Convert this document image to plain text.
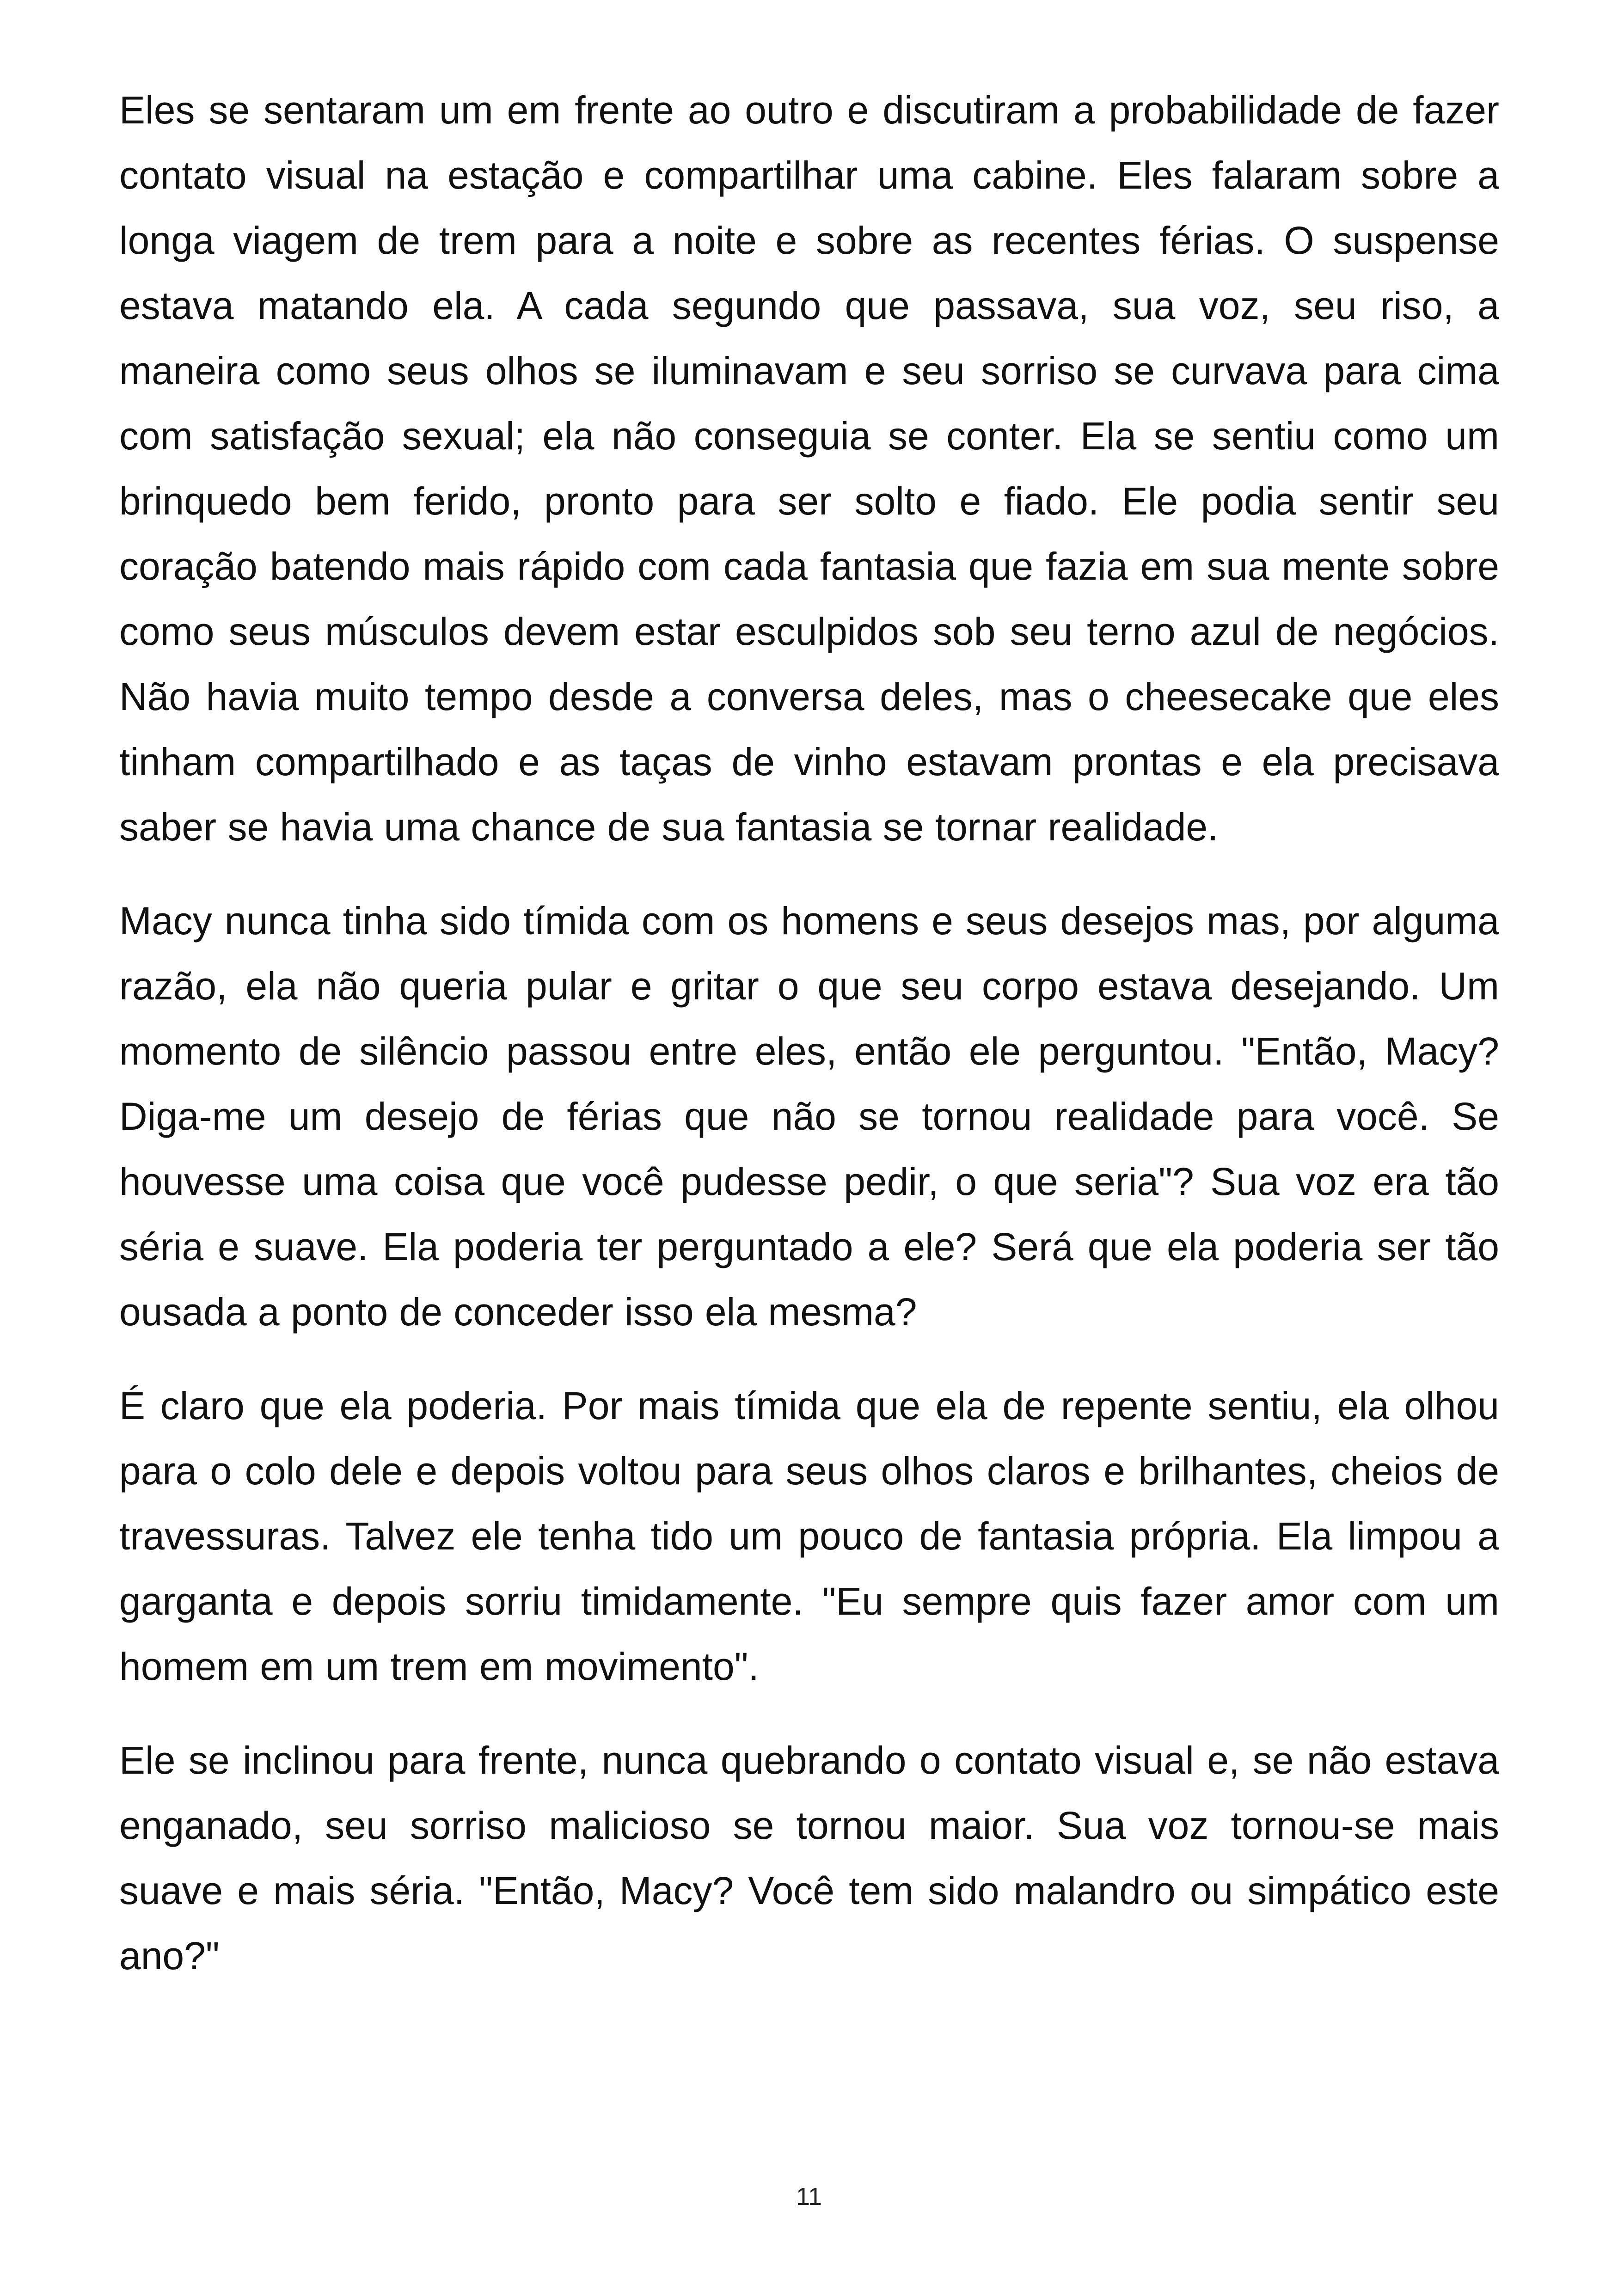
Eles se sentaram um em frente ao outro e discutiram a probabilidade de fazer contato visual na estação e compartilhar uma cabine. Eles falaram sobre a longa viagem de trem para a noite e sobre as recentes férias. O suspense estava matando ela. A cada segundo que passava, sua voz, seu riso, a maneira como seus olhos se iluminavam e seu sorriso se curvava para cima com satisfação sexual; ela não conseguia se conter. Ela se sentiu como um brinquedo bem ferido, pronto para ser solto e fiado. Ele podia sentir seu coração batendo mais rápido com cada fantasia que fazia em sua mente sobre como seus músculos devem estar esculpidos sob seu terno azul de negócios. Não havia muito tempo desde a conversa deles, mas o cheesecake que eles tinham compartilhado e as taças de vinho estavam prontas e ela precisava saber se havia uma chance de sua fantasia se tornar realidade.

Macy nunca tinha sido tímida com os homens e seus desejos mas, por alguma razão, ela não queria pular e gritar o que seu corpo estava desejando. Um momento de silêncio passou entre eles, então ele perguntou. "Então, Macy? Diga-me um desejo de férias que não se tornou realidade para você. Se houvesse uma coisa que você pudesse pedir, o que seria"? Sua voz era tão séria e suave. Ela poderia ter perguntado a ele? Será que ela poderia ser tão ousada a ponto de conceder isso ela mesma?

É claro que ela poderia. Por mais tímida que ela de repente sentiu, ela olhou para o colo dele e depois voltou para seus olhos claros e brilhantes, cheios de travessuras. Talvez ele tenha tido um pouco de fantasia própria. Ela limpou a garganta e depois sorriu timidamente. "Eu sempre quis fazer amor com um homem em um trem em movimento".

Ele se inclinou para frente, nunca quebrando o contato visual e, se não estava enganado, seu sorriso malicioso se tornou maior. Sua voz tornou-se mais suave e mais séria. "Então, Macy? Você tem sido malandro ou simpático este ano?"

11
